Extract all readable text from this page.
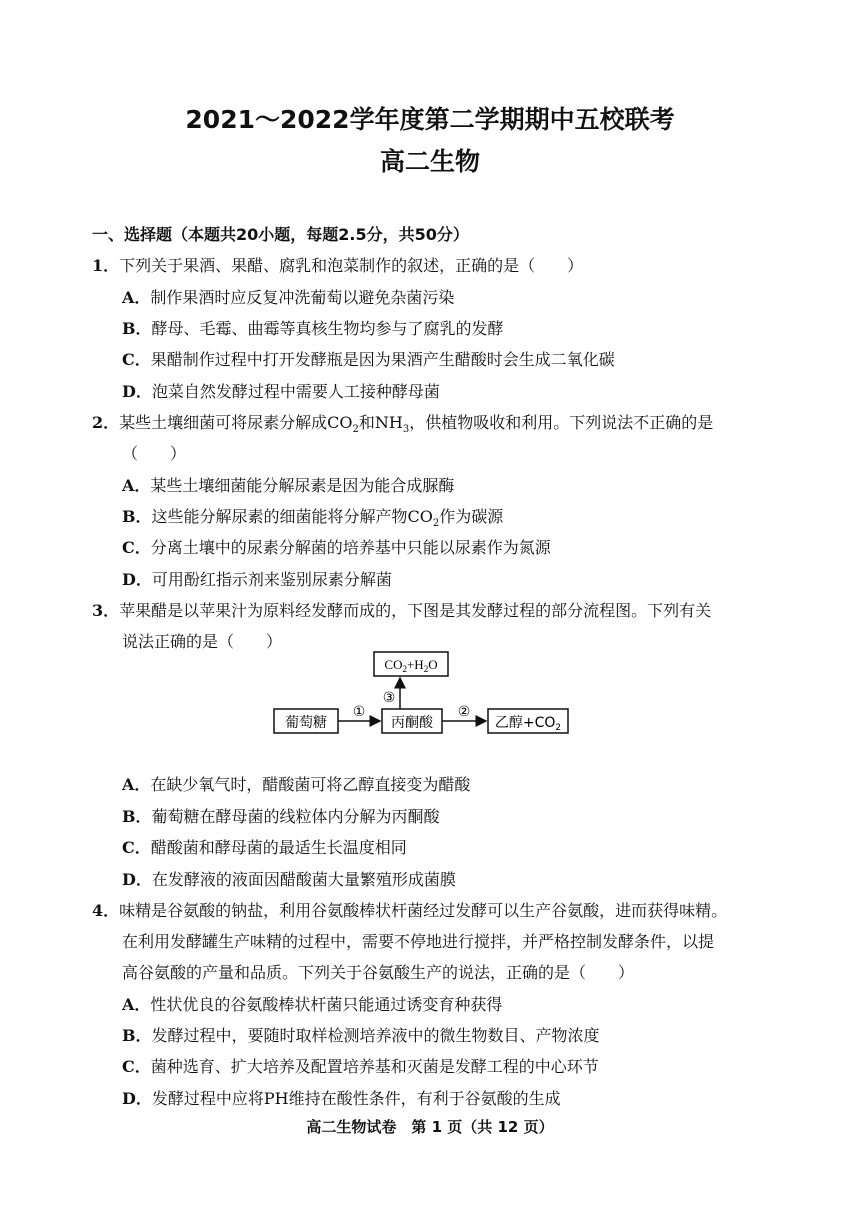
2021～2022学年度第二学期期中五校联考
高二生物
一、选择题（本题共20小题，每题2.5分，共50分）
1．下列关于果酒、果醋、腐乳和泡菜制作的叙述，正确的是（　　）
A．制作果酒时应反复冲洗葡萄以避免杂菌污染
B．酵母、毛霉、曲霉等真核生物均参与了腐乳的发酵
C．果醋制作过程中打开发酵瓶是因为果酒产生醋酸时会生成二氧化碳
D．泡菜自然发酵过程中需要人工接种酵母菌
2．某些土壤细菌可将尿素分解成$CO_2$和$NH_3$，供植物吸收和利用。下列说法不正确的是
（　　）
A．某些土壤细菌能分解尿素是因为能合成脲酶
B．这些能分解尿素的细菌能将分解产物$CO_2$作为碳源
C．分离土壤中的尿素分解菌的培养基中只能以尿素作为氮源
D．可用酚红指示剂来鉴别尿素分解菌
3．苹果醋是以苹果汁为原料经发酵而成的，下图是其发酵过程的部分流程图。下列有关
说法正确的是（　　）
$CO_2+H_2O$
葡萄糖	丙酮酸	乙醇$+CO_2$
①	②
③
A．在缺少氧气时，醋酸菌可将乙醇直接变为醋酸
B．葡萄糖在酵母菌的线粒体内分解为丙酮酸
C．醋酸菌和酵母菌的最适生长温度相同
D．在发酵液的液面因醋酸菌大量繁殖形成菌膜
4．味精是谷氨酸的钠盐，利用谷氨酸棒状杆菌经过发酵可以生产谷氨酸，进而获得味精。
在利用发酵罐生产味精的过程中，需要不停地进行搅拌，并严格控制发酵条件，以提
高谷氨酸的产量和品质。下列关于谷氨酸生产的说法，正确的是（　　）
A．性状优良的谷氨酸棒状杆菌只能通过诱变育种获得
B．发酵过程中，要随时取样检测培养液中的微生物数目、产物浓度
C．菌种选育、扩大培养及配置培养基和灭菌是发酵工程的中心环节
D．发酵过程中应将PH维持在酸性条件，有利于谷氨酸的生成
高二生物试卷　第 1 页（共 12 页）
